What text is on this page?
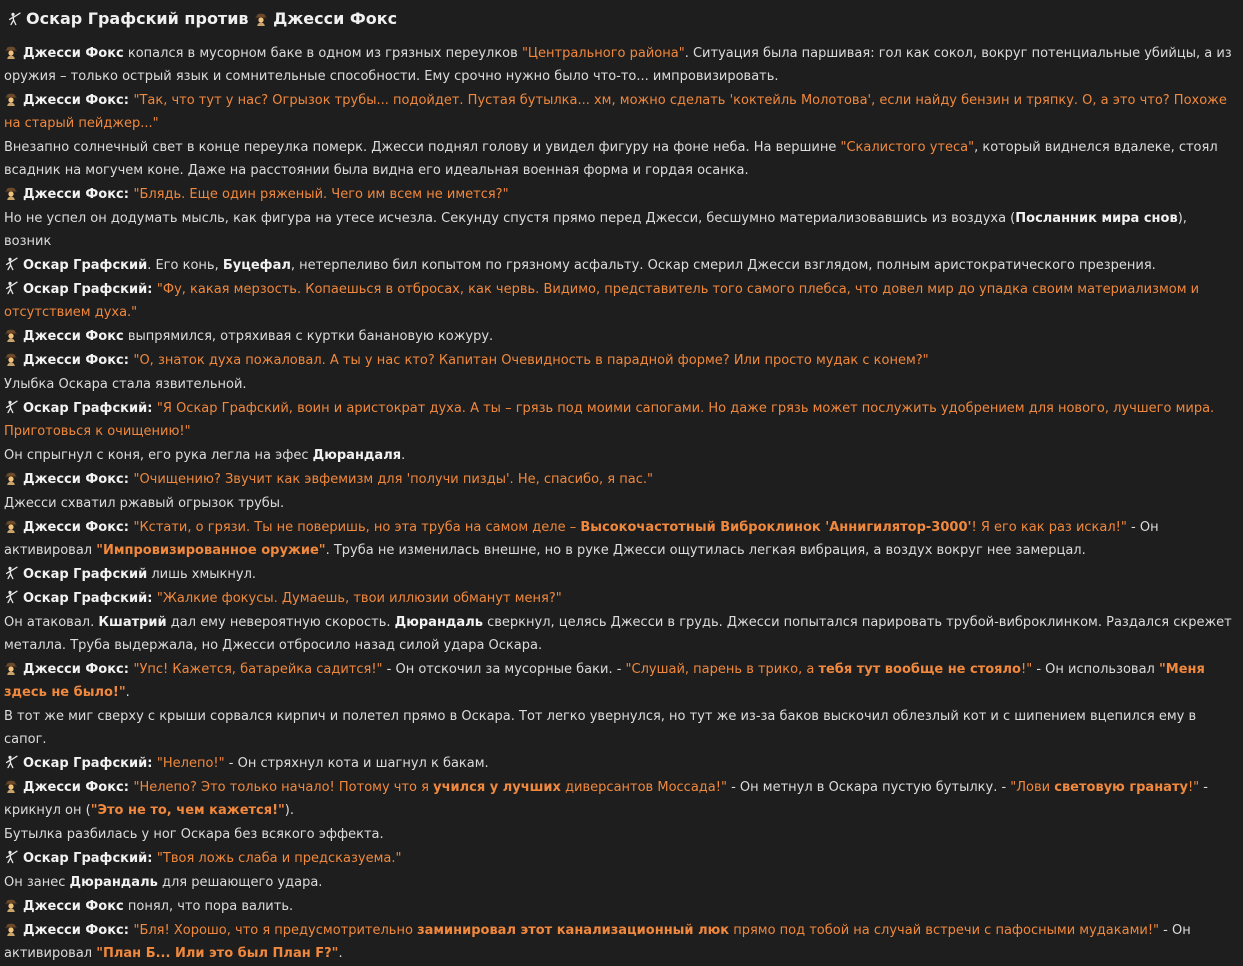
Оскар Графский против
Джесси Фокс
Джесси Фокс копался в мусорном баке в одном из грязных переулков "Центрального района". Ситуация была паршивая: гол как сокол, вокруг потенциальные убийцы, а из оружия – только острый язык и сомнительные способности. Ему срочно нужно было что-то... импровизировать.
Джесси Фокс: "Так, что тут у нас? Огрызок трубы... подойдет. Пустая бутылка... хм, можно сделать 'коктейль Молотова', если найду бензин и тряпку. О, а это что? Похоже на старый пейджер..."
Внезапно солнечный свет в конце переулка померк. Джесси поднял голову и увидел фигуру на фоне неба. На вершине "Скалистого утеса", который виднелся вдалеке, стоял всадник на могучем коне. Даже на расстоянии была видна его идеальная военная форма и гордая осанка.
Джесси Фокс: "Блядь. Еще один ряженый. Чего им всем не имется?"
Но не успел он додумать мысль, как фигура на утесе исчезла. Секунду спустя прямо перед Джесси, бесшумно материализовавшись из воздуха (Посланник мира снов), возник
Оскар Графский. Его конь, Буцефал, нетерпеливо бил копытом по грязному асфальту. Оскар смерил Джесси взглядом, полным аристократического презрения.
Оскар Графский: "Фу, какая мерзость. Копаешься в отбросах, как червь. Видимо, представитель того самого плебса, что довел мир до упадка своим материализмом и отсутствием духа."
Джесси Фокс выпрямился, отряхивая с куртки банановую кожуру.
Джесси Фокс: "О, знаток духа пожаловал. А ты у нас кто? Капитан Очевидность в парадной форме? Или просто мудак с конем?"
Улыбка Оскара стала язвительной.
Оскар Графский: "Я Оскар Графский, воин и аристократ духа. А ты – грязь под моими сапогами. Но даже грязь может послужить удобрением для нового, лучшего мира. Приготовься к очищению!"
Он спрыгнул с коня, его рука легла на эфес Дюрандаля.
Джесси Фокс: "Очищению? Звучит как эвфемизм для 'получи пизды'. Не, спасибо, я пас."
Джесси схватил ржавый огрызок трубы.
Джесси Фокс: "Кстати, о грязи. Ты не поверишь, но эта труба на самом деле – Высокочастотный Виброклинок 'Аннигилятор-3000'! Я его как раз искал!" - Он активировал "Импровизированное оружие". Труба не изменилась внешне, но в руке Джесси ощутилась легкая вибрация, а воздух вокруг нее замерцал.
Оскар Графский лишь хмыкнул.
Оскар Графский: "Жалкие фокусы. Думаешь, твои иллюзии обманут меня?"
Он атаковал. Кшатрий дал ему невероятную скорость. Дюрандаль сверкнул, целясь Джесси в грудь. Джесси попытался парировать трубой-виброклинком. Раздался скрежет металла. Труба выдержала, но Джесси отбросило назад силой удара Оскара.
Джесси Фокс: "Упс! Кажется, батарейка садится!" - Он отскочил за мусорные баки. - "Слушай, парень в трико, а тебя тут вообще не стояло!" - Он использовал "Меня здесь не было!".
В тот же миг сверху с крыши сорвался кирпич и полетел прямо в Оскара. Тот легко увернулся, но тут же из-за баков выскочил облезлый кот и с шипением вцепился ему в сапог.
Оскар Графский: "Нелепо!" - Он стряхнул кота и шагнул к бакам.
Джесси Фокс: "Нелепо? Это только начало! Потому что я учился у лучших диверсантов Моссада!" - Он метнул в Оскара пустую бутылку. - "Лови световую гранату!" - крикнул он ("Это не то, чем кажется!").
Бутылка разбилась у ног Оскара без всякого эффекта.
Оскар Графский: "Твоя ложь слаба и предсказуема."
Он занес Дюрандаль для решающего удара.
Джесси Фокс понял, что пора валить.
Джесси Фокс: "Бля! Хорошо, что я предусмотрительно заминировал этот канализационный люк прямо под тобой на случай встречи с пафосными мудаками!" - Он активировал "План Б... Или это был План F?".
